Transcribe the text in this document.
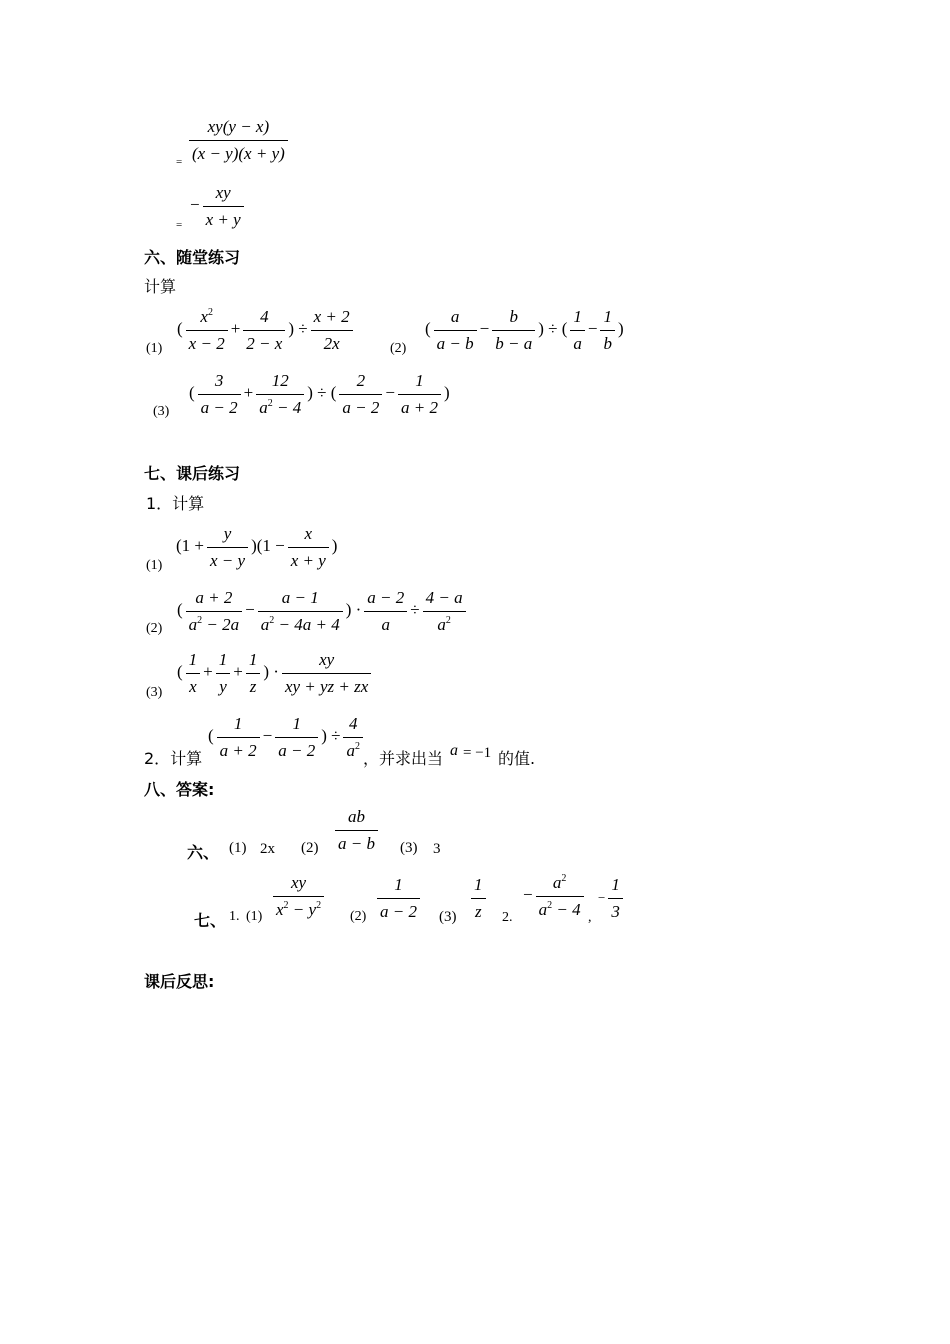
= $\frac{xy(y - x)}{(x - y)(x + y)}$
=
− $\frac{xy}{x + y}$
六、随堂练习
计算
(1)
( $\frac{x^2}{x - 2} + \frac{4}{2 - x}$ ) ÷ $\frac{x + 2}{2x}$	(2)
( $\frac{a}{a - b} - \frac{b}{b - a}$ ) ÷ ( $\frac{1}{a} - \frac{1}{b}$ )
(3)
( $\frac{3}{a - 2} + \frac{12}{a^2 - 4}$ ) ÷ ( $\frac{2}{a - 2} - \frac{1}{a + 2}$ )
七、课后练习
1．计算
(1)
$(1 + \frac{y}{x - y} )(1 - \frac{x}{x + y}$ )
(2)
( $\frac{a + 2}{a^2 - 2a} - \frac{a - 1}{a^2 - 4a + 4}$ ) · $\frac{a - 2}{a} \div \frac{4 - a}{a^2}$
(3)
( $\frac{1}{x} + \frac{1}{y} + \frac{1}{z}$ ) · $\frac{xy}{xy + yz + zx}$
2．计算
( $\frac{1}{a + 2} - \frac{1}{a - 2}$ ) ÷ $\frac{4}{a^2}$ ，并求出当 a = −1 的值.
八、答案:
六、 (1) 2x $(2) \frac{ab}{a - b} (3)$ 3
七、 1. $(1) \frac{xy}{x^2 - y^2} (2) \frac{1}{a - 2} (3) \frac{1}{z} 2$.
− $\frac{a^2}{a^2 - 4}$ ,
− $\frac{1}{3}$
课后反思:
